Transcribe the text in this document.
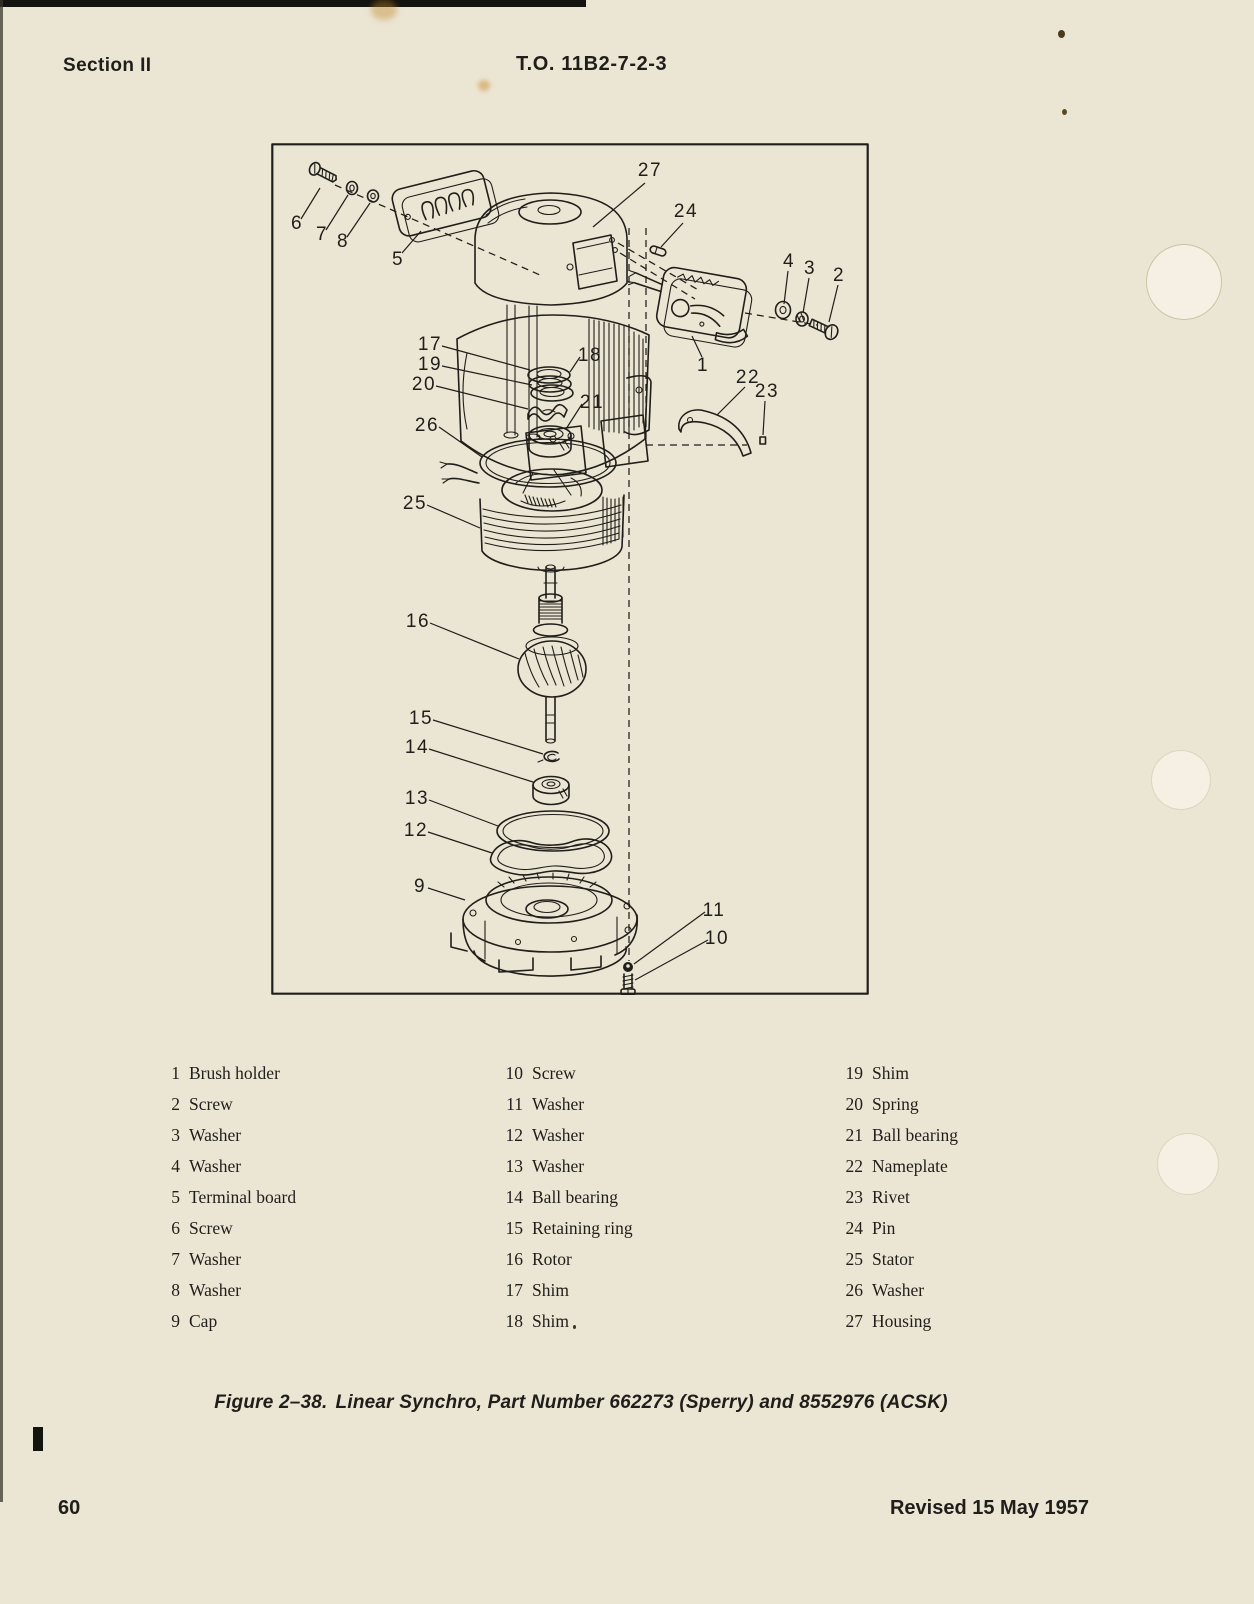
Section II	T.O. 11B2-7-2-3
27
6
7 8
5
24
4 3 2
1
17
19	18
20
21
26
22
23
25
16
15
14
13
12
9
11
10
1 Brush holder
2 Screw
3 Washer
4 Washer
5 Terminal board
6 Screw
7 Washer
8 Washer
9 Cap
10 Screw
11 Washer
12 Washer
13 Washer
14 Ball bearing
15 Retaining ring
16 Rotor
17 Shim
18 Shim
19 Shim
20 Spring
21 Ball bearing
22 Nameplate
23 Rivet
24 Pin
25 Stator
26 Washer
27 Housing
Figure 2–38. Linear Synchro, Part Number 662273 (Sperry) and 8552976 (ACSK)
60	Revised 15 May 1957
